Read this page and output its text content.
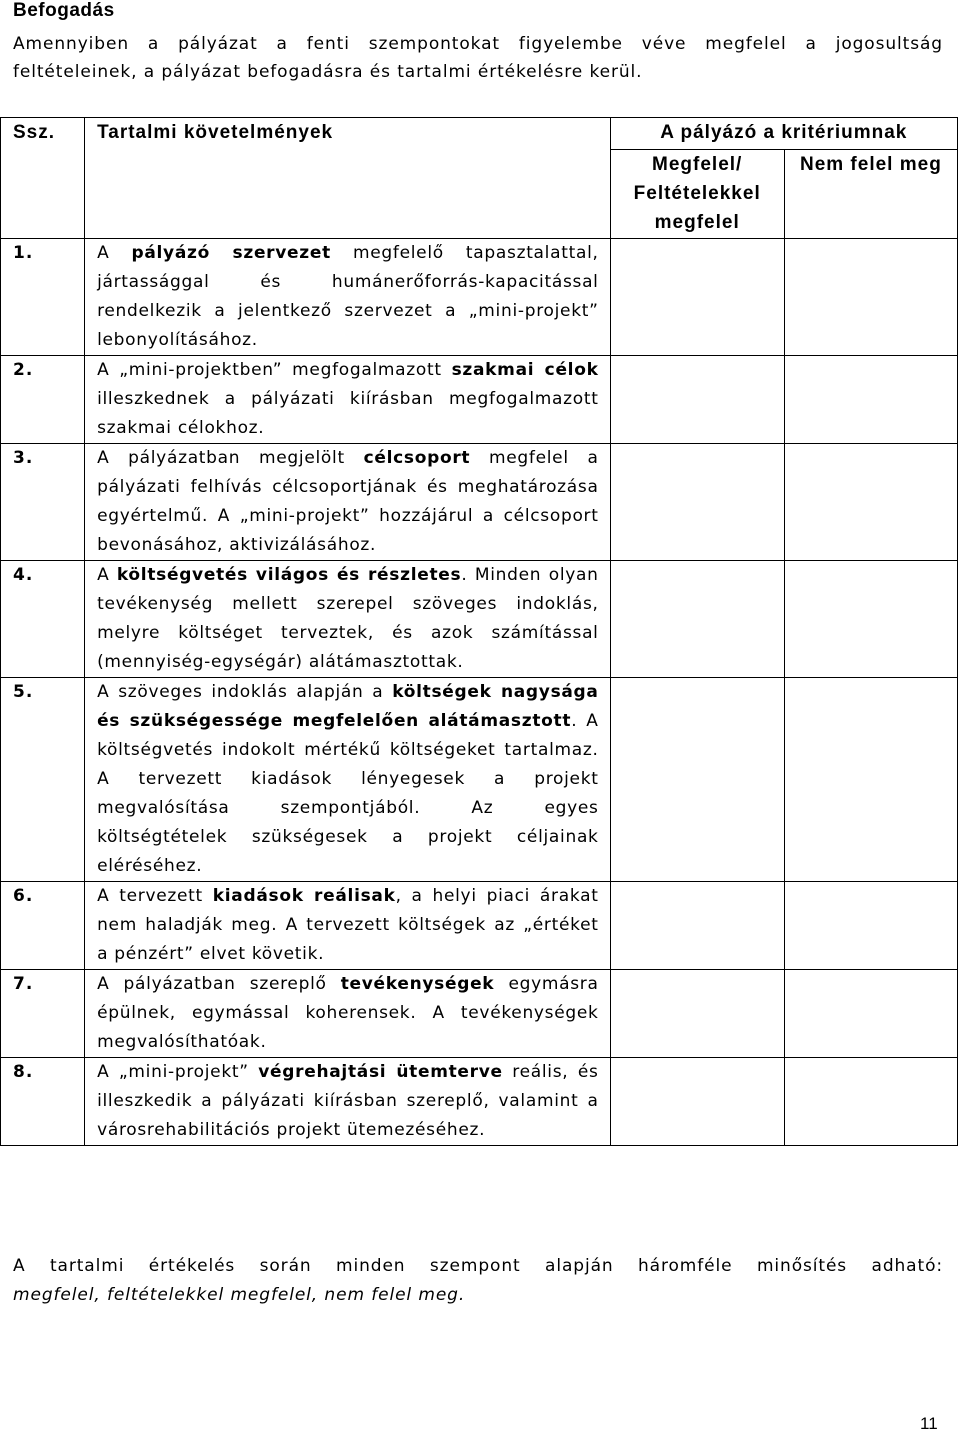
Befogadás
Amennyiben a pályázat a fenti szempontokat figyelembe véve megfelel a jogosultság feltételeinek, a pályázat befogadásra és tartalmi értékelésre kerül.
Ssz.	Tartalmi követelmények	A pályázó a kritériumnak	
		Megfelel/ Feltételekkel megfelel	Nem felel meg
1.	A pályázó szervezet megfelelő tapasztalattal, jártassággal és humánerőforrás-kapacitással rendelkezik a jelentkező szervezet a „mini-projekt” lebonyolításához.		
2.	A „mini-projektben” megfogalmazott szakmai célok illeszkednek a pályázati kiírásban megfogalmazott szakmai célokhoz.		
3.	A pályázatban megjelölt célcsoport megfelel a pályázati felhívás célcsoportjának és meghatározása egyértelmű. A „mini-projekt” hozzájárul a célcsoport bevonásához, aktivizálásához.		
4.	A költségvetés világos és részletes. Minden olyan tevékenység mellett szerepel szöveges indoklás, melyre költséget terveztek, és azok számítással (mennyiség-egységár) alátámasztottak.		
5.	A szöveges indoklás alapján a költségek nagysága és szükségessége megfelelően alátámasztott. A költségvetés indokolt mértékű költségeket tartalmaz. A tervezett kiadások lényegesek a projekt megvalósítása szempontjából. Az egyes költségtételek szükségesek a projekt céljainak eléréséhez.		
6.	A tervezett kiadások reálisak, a helyi piaci árakat nem haladják meg. A tervezett költségek az „értéket a pénzért” elvet követik.		
7.	A pályázatban szereplő tevékenységek egymásra épülnek, egymással koherensek. A tevékenységek megvalósíthatóak.		
8.	A „mini-projekt” végrehajtási ütemterve reális, és illeszkedik a pályázati kiírásban szereplő, valamint a városrehabilitációs projekt ütemezéséhez.		
A tartalmi értékelés során minden szempont alapján háromféle minősítés adható:
megfelel, feltételekkel megfelel, nem felel meg.
11
